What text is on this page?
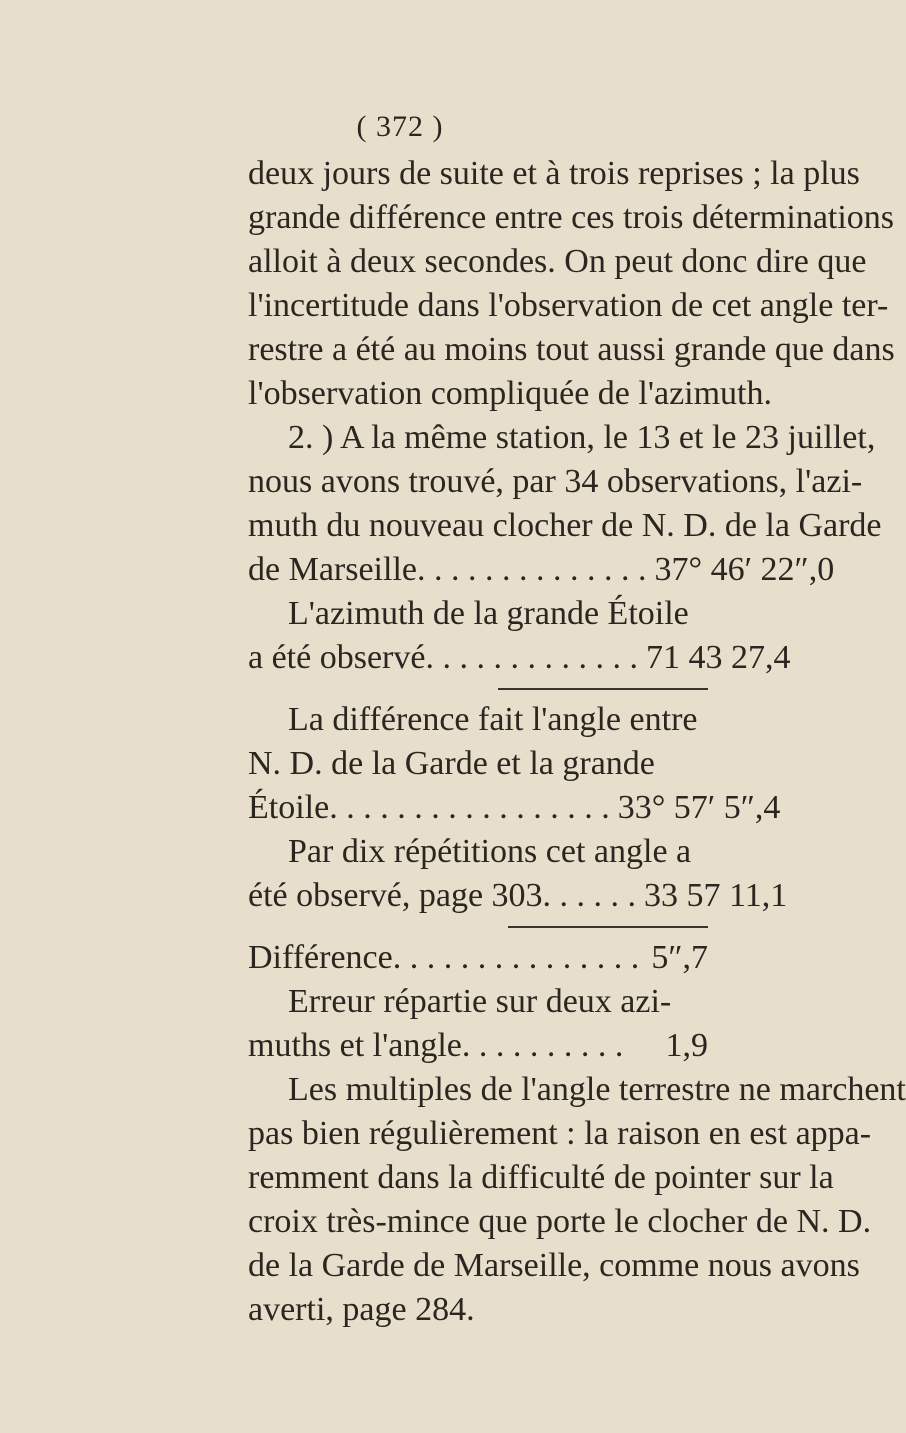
( 372 )
deux jours de suite et à trois reprises ; la plus
grande différence entre ces trois déterminations
alloit à deux secondes. On peut donc dire que
l'incertitude dans l'observation de cet angle ter-
restre a été au moins tout aussi grande que dans
l'observation compliquée de l'azimuth.
2. ) A la même station, le 13 et le 23 juillet,
nous avons trouvé, par 34 observations, l'azi-
muth du nouveau clocher de N. D. de la Garde
de Marseille. . . . . . . . . . . . . . 37° 46′ 22″,0
L'azimuth de la grande Étoile
a été observé. . . . . . . . . . . . . 71 43 27,4
La différence fait l'angle entre
N. D. de la Garde et la grande
Étoile. . . . . . . . . . . . . . . . . 33° 57′ 5″,4
Par dix répétitions cet angle a
été observé, page 303. . . . . . 33 57 11,1
Différence. . . . . . . . . . . . . . . 5″,7
Erreur répartie sur deux azi-
muths et l'angle. . . . . . . . . . 1,9
Les multiples de l'angle terrestre ne marchent
pas bien régulièrement : la raison en est appa-
remment dans la difficulté de pointer sur la
croix très-mince que porte le clocher de N. D.
de la Garde de Marseille, comme nous avons
averti, page 284.
